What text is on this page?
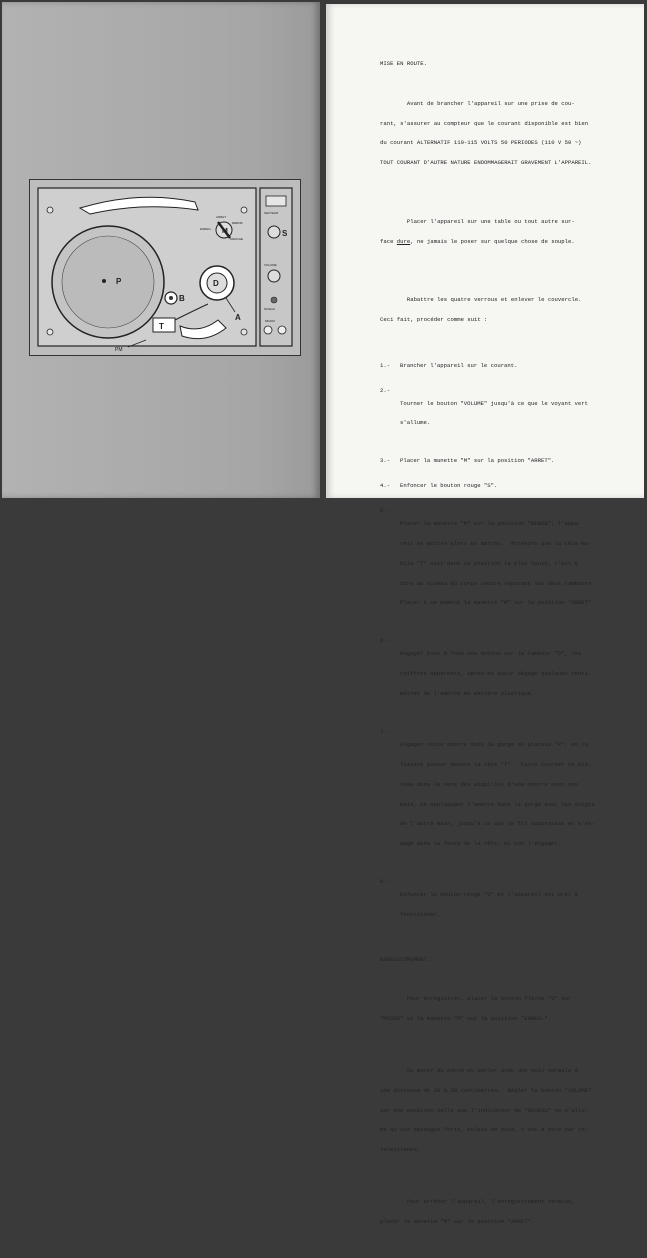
P
B
D
T
A
PM
M	S
ENREG.
ARRET
REBOB
MARCHE
SECTEUR
VOLUME
NIVEAU
MICRO

MISE EN ROUTE.

Avant de brancher l'appareil sur une prise de cou-

rant, s'assurer au compteur que le courant disponible est bien

du courant ALTERNATIF 110-115 VOLTS 50 PERIODES (110 V 50 ~)

TOUT COURANT D'AUTRE NATURE ENDOMMAGERAIT GRAVEMENT L'APPAREIL.

Placer l'appareil sur une table ou tout autre sur-

face dure, ne jamais le poser sur quelque chose de souple.

Rabattre les quatre verrous et enlever le couvercle.

Ceci fait, procéder comme suit :

1.-	Brancher l'appareil sur le courant.

2.-

Tourner le bouton "VOLUME" jusqu'à ce que le voyant vert

s'allume.

3.-	Placer la manette "M" sur la position "ARRET".

4.-	Enfoncer le bouton rouge "S".

5.-

Placer la manette "M" sur la position "REBOB"; l'appa-

reil se mettra alors en marche.  Attendre que la tête mo-

bile "T" soit dans sa position la plus haute, c'est à

dire au niveau du corps ivoire séparant les deux tambours.

Placer à ce moment la manette "M" sur la position "ARRET".

6.-

Engager bien à fond une bobine sur le tambour "D", les

chiffres apparents, après en avoir dégagé quelques centi-

mètres de l'amorce en matière plastique.

7.-

Engager cette amorce dans la gorge du plateau "P", en la

faisant passer devant la tête "T".  Faire tourner ce pla-

teau dans le sens des aiguilles d'une montre avec une

main, en appliquant l'amorce dans la gorge avec les doigts

de l'autre main, jusqu'à ce que le fil apparaisse et s'en-

gage dans la fente de la tête; et non l'engager.

8.-

Enfoncer le bouton rouge "S" et l'appareil est prêt à

fonctionner.

ENREGISTREMENT.

Pour enregistrer, placer le bouton flèche "S" sur

"MICRO" et la manette "M" sur la position "ENREG.".

Se munir du micro et parler avec une voix normale à

une distance de 20 à 30 centimètres.  Régler le bouton "VOLUME"

sur une position telle que l'indicateur de "NIVEAU" ne s'allu-

me qu'aux passages forts, éclats de voix, c'est à dire par in-

termittence.

Pour arrêter l'appareil, l'enregistrement terminé,

placer la manette "M" sur la position "ARRET".
